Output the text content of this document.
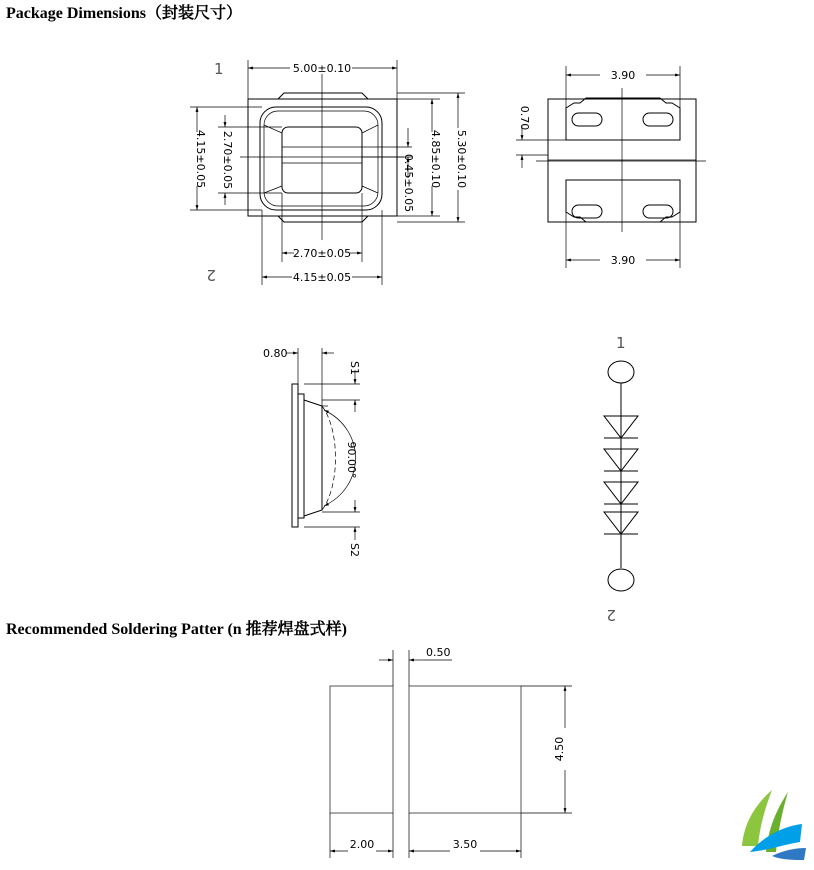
Package Dimensions（封装尺寸）
Recommended Soldering Patter (n 推荐焊盘式样)
1
2
5.00±0.10
2.70±0.05
4.15±0.05
4.15±0.05 2.70±0.05	4.85±0.10 5.30±0.10
0.45±0.05
3.90
3.90
0.70
0.80
S1
S2
90.00°
1
2
0.50
4.50
2.00	3.50
